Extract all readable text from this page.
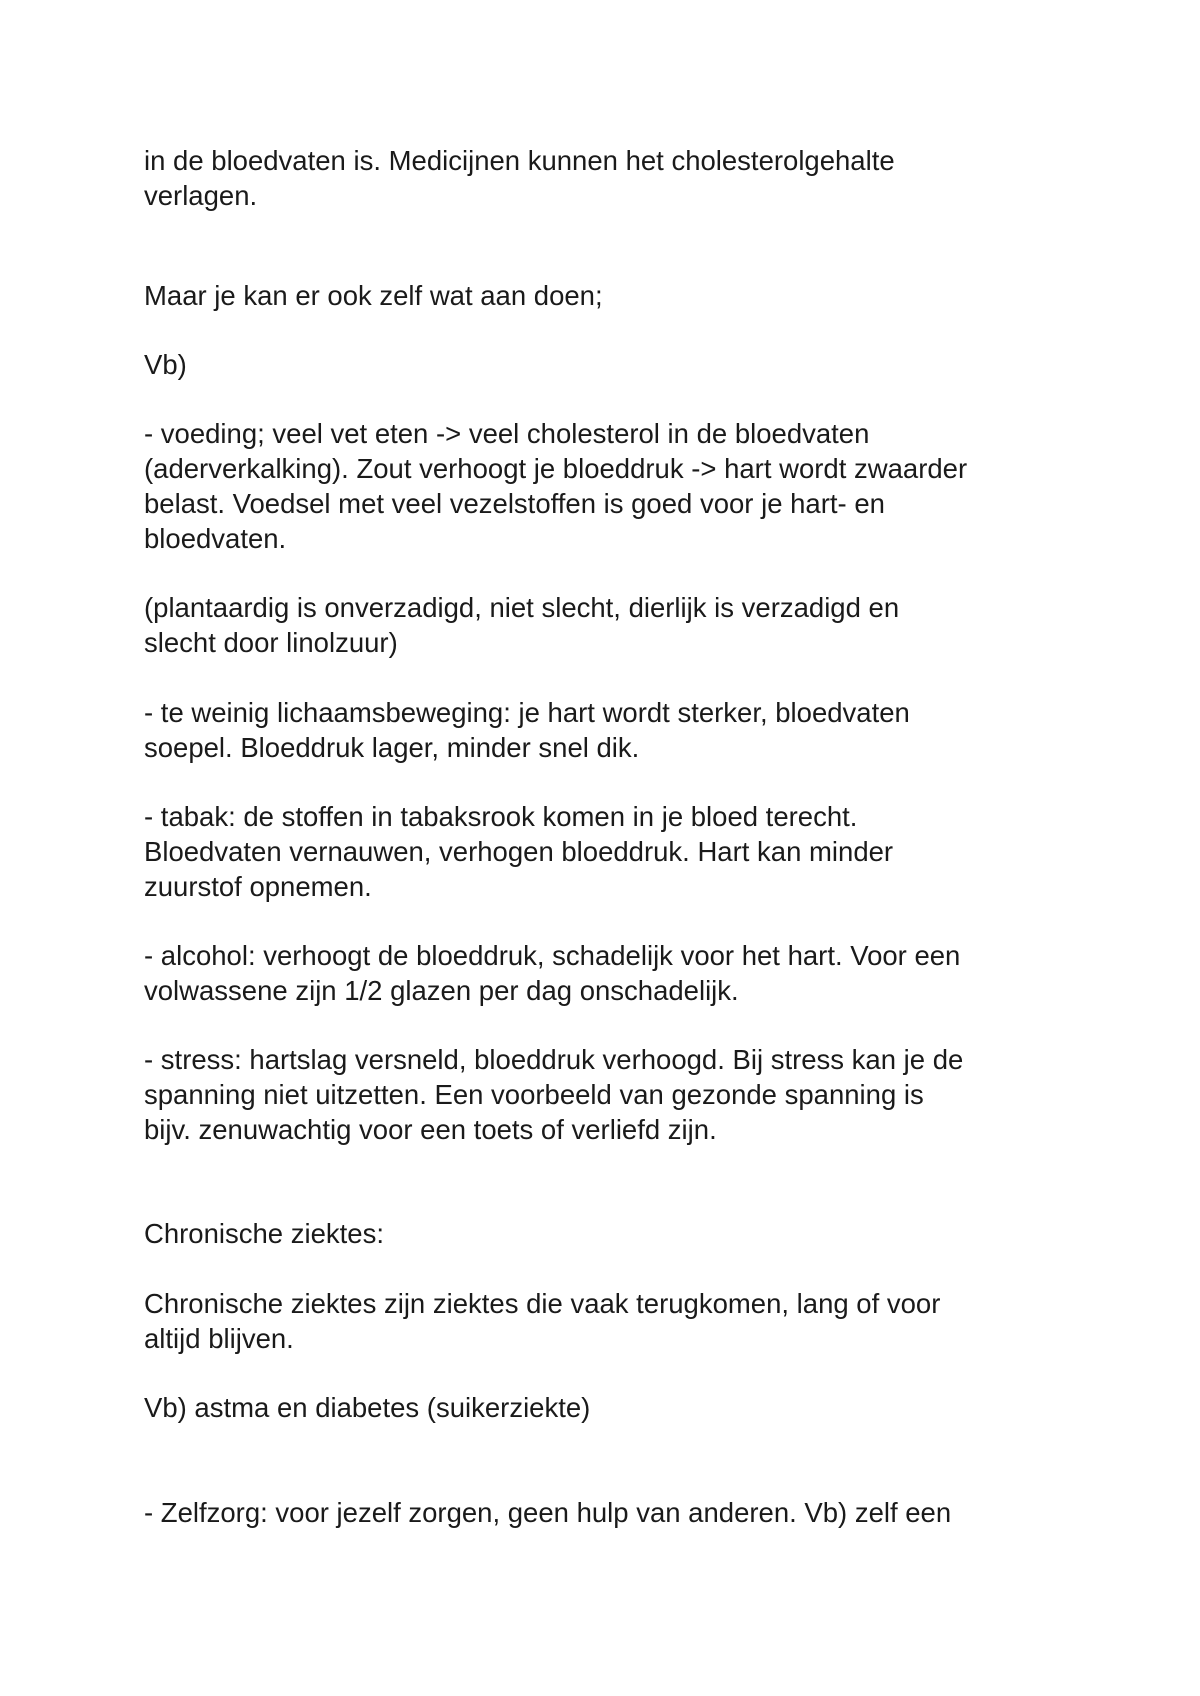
in de bloedvaten is. Medicijnen kunnen het cholesterolgehalte
verlagen.

Maar je kan er ook zelf wat aan doen;

Vb)

- voeding; veel vet eten -> veel cholesterol in de bloedvaten
(aderverkalking). Zout verhoogt je bloeddruk -> hart wordt zwaarder
belast. Voedsel met veel vezelstoffen is goed voor je hart- en
bloedvaten.

(plantaardig is onverzadigd, niet slecht, dierlijk is verzadigd en
slecht door linolzuur)

- te weinig lichaamsbeweging: je hart wordt sterker, bloedvaten
soepel. Bloeddruk lager, minder snel dik.

- tabak: de stoffen in tabaksrook komen in je bloed terecht.
Bloedvaten vernauwen, verhogen bloeddruk. Hart kan minder
zuurstof opnemen.

- alcohol: verhoogt de bloeddruk, schadelijk voor het hart. Voor een
volwassene zijn 1/2 glazen per dag onschadelijk.

- stress: hartslag versneld, bloeddruk verhoogd. Bij stress kan je de
spanning niet uitzetten. Een voorbeeld van gezonde spanning is
bijv. zenuwachtig voor een toets of verliefd zijn.

Chronische ziektes:

Chronische ziektes zijn ziektes die vaak terugkomen, lang of voor
altijd blijven.

Vb) astma en diabetes (suikerziekte)

- Zelfzorg: voor jezelf zorgen, geen hulp van anderen. Vb) zelf een
